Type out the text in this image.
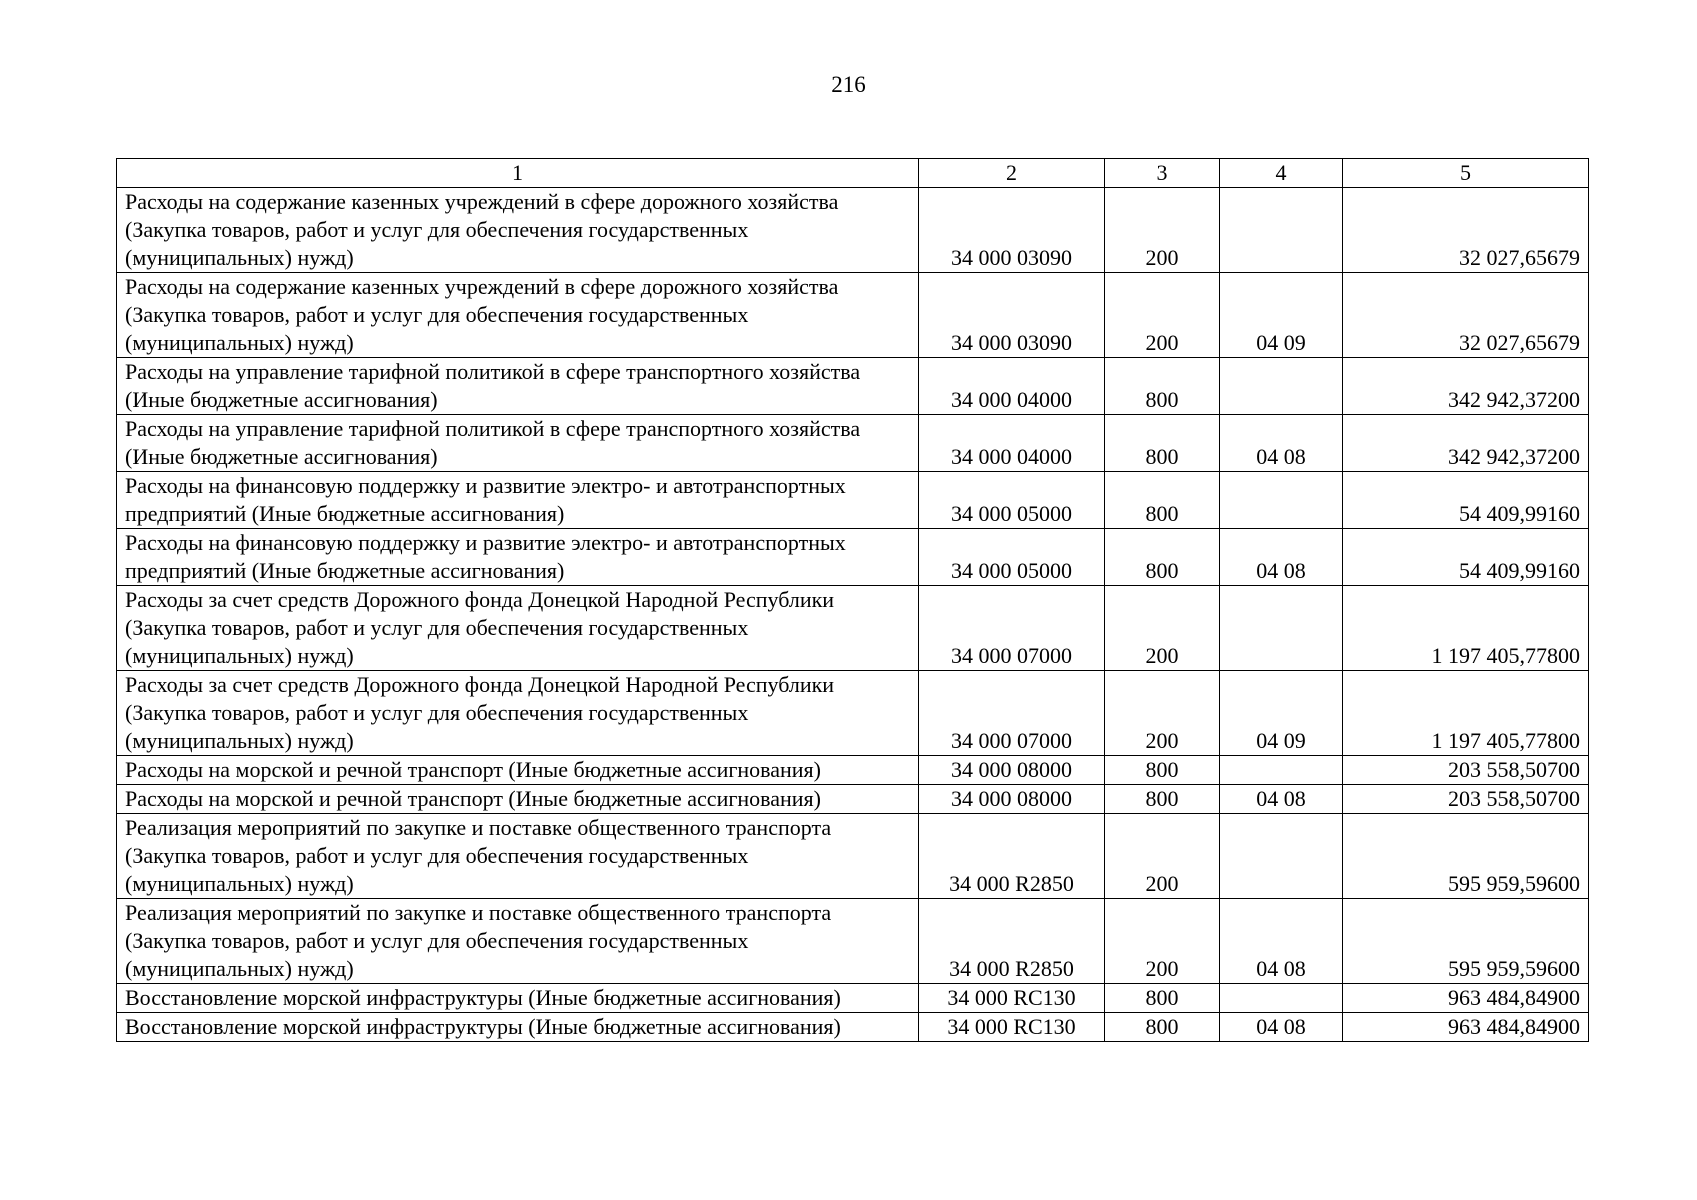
216
1	2	3	4	5
Расходы на содержание казенных учреждений в сфере дорожного хозяйства (Закупка товаров, работ и услуг для обеспечения государственных (муниципальных) нужд)	34 000 03090	200		32 027,65679
Расходы на содержание казенных учреждений в сфере дорожного хозяйства (Закупка товаров, работ и услуг для обеспечения государственных (муниципальных) нужд)	34 000 03090	200	04 09	32 027,65679
Расходы на управление тарифной политикой в сфере транспортного хозяйства (Иные бюджетные ассигнования)	34 000 04000	800		342 942,37200
Расходы на управление тарифной политикой в сфере транспортного хозяйства (Иные бюджетные ассигнования)	34 000 04000	800	04 08	342 942,37200
Расходы на финансовую поддержку и развитие электро- и автотранспортных предприятий (Иные бюджетные ассигнования)	34 000 05000	800		54 409,99160
Расходы на финансовую поддержку и развитие электро- и автотранспортных предприятий (Иные бюджетные ассигнования)	34 000 05000	800	04 08	54 409,99160
Расходы за счет средств Дорожного фонда Донецкой Народной Республики (Закупка товаров, работ и услуг для обеспечения государственных (муниципальных) нужд)	34 000 07000	200		1 197 405,77800
Расходы за счет средств Дорожного фонда Донецкой Народной Республики (Закупка товаров, работ и услуг для обеспечения государственных (муниципальных) нужд)	34 000 07000	200	04 09	1 197 405,77800
Расходы на морской и речной транспорт (Иные бюджетные ассигнования)	34 000 08000	800		203 558,50700
Расходы на морской и речной транспорт (Иные бюджетные ассигнования)	34 000 08000	800	04 08	203 558,50700
Реализация мероприятий по закупке и поставке общественного транспорта (Закупка товаров, работ и услуг для обеспечения государственных (муниципальных) нужд)	34 000 R2850	200		595 959,59600
Реализация мероприятий по закупке и поставке общественного транспорта (Закупка товаров, работ и услуг для обеспечения государственных (муниципальных) нужд)	34 000 R2850	200	04 08	595 959,59600
Восстановление морской инфраструктуры (Иные бюджетные ассигнования)	34 000 RC130	800		963 484,84900
Восстановление морской инфраструктуры (Иные бюджетные ассигнования)	34 000 RC130	800	04 08	963 484,84900
